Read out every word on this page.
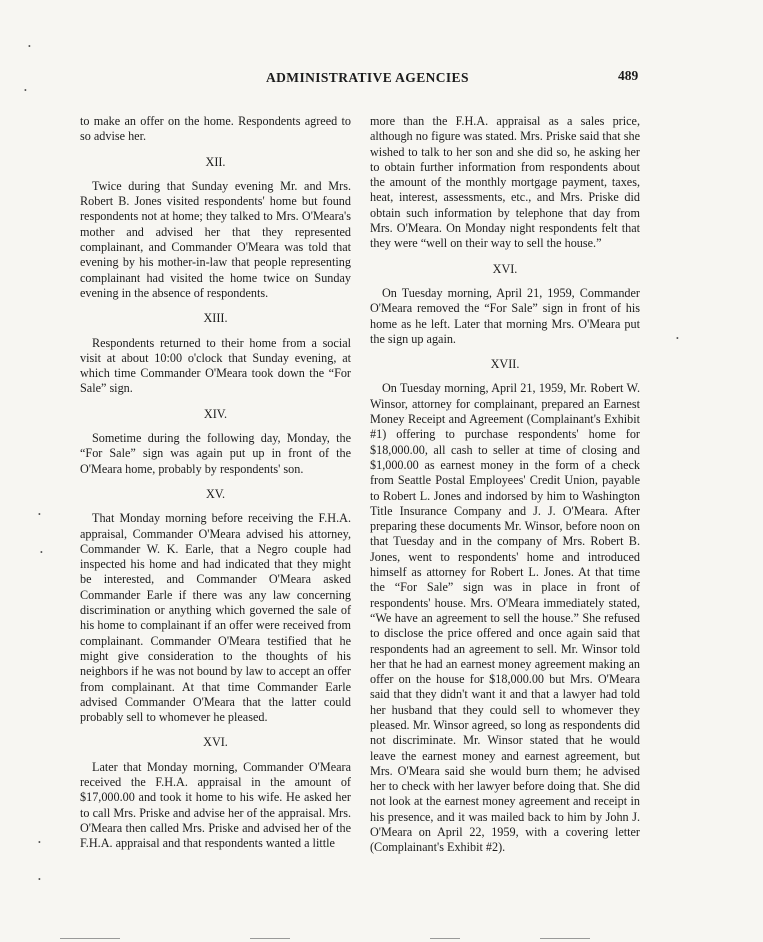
ADMINISTRATIVE AGENCIES	489

to make an offer on the home. Respondents agreed to so advise her.

XII.

Twice during that Sunday evening Mr. and Mrs. Robert B. Jones visited respondents' home but found respondents not at home; they talked to Mrs. O'Meara's mother and advised her that they represented complainant, and Commander O'Meara was told that evening by his mother-in-law that people representing complainant had visited the home twice on Sunday evening in the absence of respondents.

XIII.

Respondents returned to their home from a social visit at about 10:00 o'clock that Sunday evening, at which time Commander O'Meara took down the “For Sale” sign.

XIV.

Sometime during the following day, Monday, the “For Sale” sign was again put up in front of the O'Meara home, probably by respondents' son.

XV.

That Monday morning before receiving the F.H.A. appraisal, Commander O'Meara advised his attorney, Commander W. K. Earle, that a Negro couple had inspected his home and had indicated that they might be interested, and Commander O'Meara asked Commander Earle if there was any law concerning discrimination or anything which governed the sale of his home to complainant if an offer were received from complainant. Commander O'Meara testified that he might give consideration to the thoughts of his neighbors if he was not bound by law to accept an offer from complainant. At that time Commander Earle advised Commander O'Meara that the latter could probably sell to whomever he pleased.

XVI.

Later that Monday morning, Commander O'Meara received the F.H.A. appraisal in the amount of $17,000.00 and took it home to his wife. He asked her to call Mrs. Priske and advise her of the appraisal. Mrs. O'Meara then called Mrs. Priske and advised her of the F.H.A. appraisal and that respondents wanted a little

more than the F.H.A. appraisal as a sales price, although no figure was stated. Mrs. Priske said that she wished to talk to her son and she did so, he asking her to obtain further information from respondents about the amount of the monthly mortgage payment, taxes, heat, interest, assessments, etc., and Mrs. Priske did obtain such information by telephone that day from Mrs. O'Meara. On Monday night respondents felt that they were “well on their way to sell the house.”

XVI.

On Tuesday morning, April 21, 1959, Commander O'Meara removed the “For Sale” sign in front of his home as he left. Later that morning Mrs. O'Meara put the sign up again.

XVII.

On Tuesday morning, April 21, 1959, Mr. Robert W. Winsor, attorney for complainant, prepared an Earnest Money Receipt and Agreement (Complainant's Exhibit #1) offering to purchase respondents' home for $18,000.00, all cash to seller at time of closing and $1,000.00 as earnest money in the form of a check from Seattle Postal Employees' Credit Union, payable to Robert L. Jones and indorsed by him to Washington Title Insurance Company and J. J. O'Meara. After preparing these documents Mr. Winsor, before noon on that Tuesday and in the company of Mrs. Robert B. Jones, went to respondents' home and introduced himself as attorney for Robert L. Jones. At that time the “For Sale” sign was in place in front of respondents' house. Mrs. O'Meara immediately stated, “We have an agreement to sell the house.” She refused to disclose the price offered and once again said that respondents had an agreement to sell. Mr. Winsor told her that he had an earnest money agreement making an offer on the house for $18,000.00 but Mrs. O'Meara said that they didn't want it and that a lawyer had told her husband that they could sell to whomever they pleased. Mr. Winsor agreed, so long as respondents did not discriminate. Mr. Winsor stated that he would leave the earnest money and earnest agreement, but Mrs. O'Meara said she would burn them; he advised her to check with her lawyer before doing that. She did not look at the earnest money agreement and receipt in his presence, and it was mailed back to him by John J. O'Meara on April 22, 1959, with a covering letter (Complainant's Exhibit #2).

•
•
•
•
•
•
•
